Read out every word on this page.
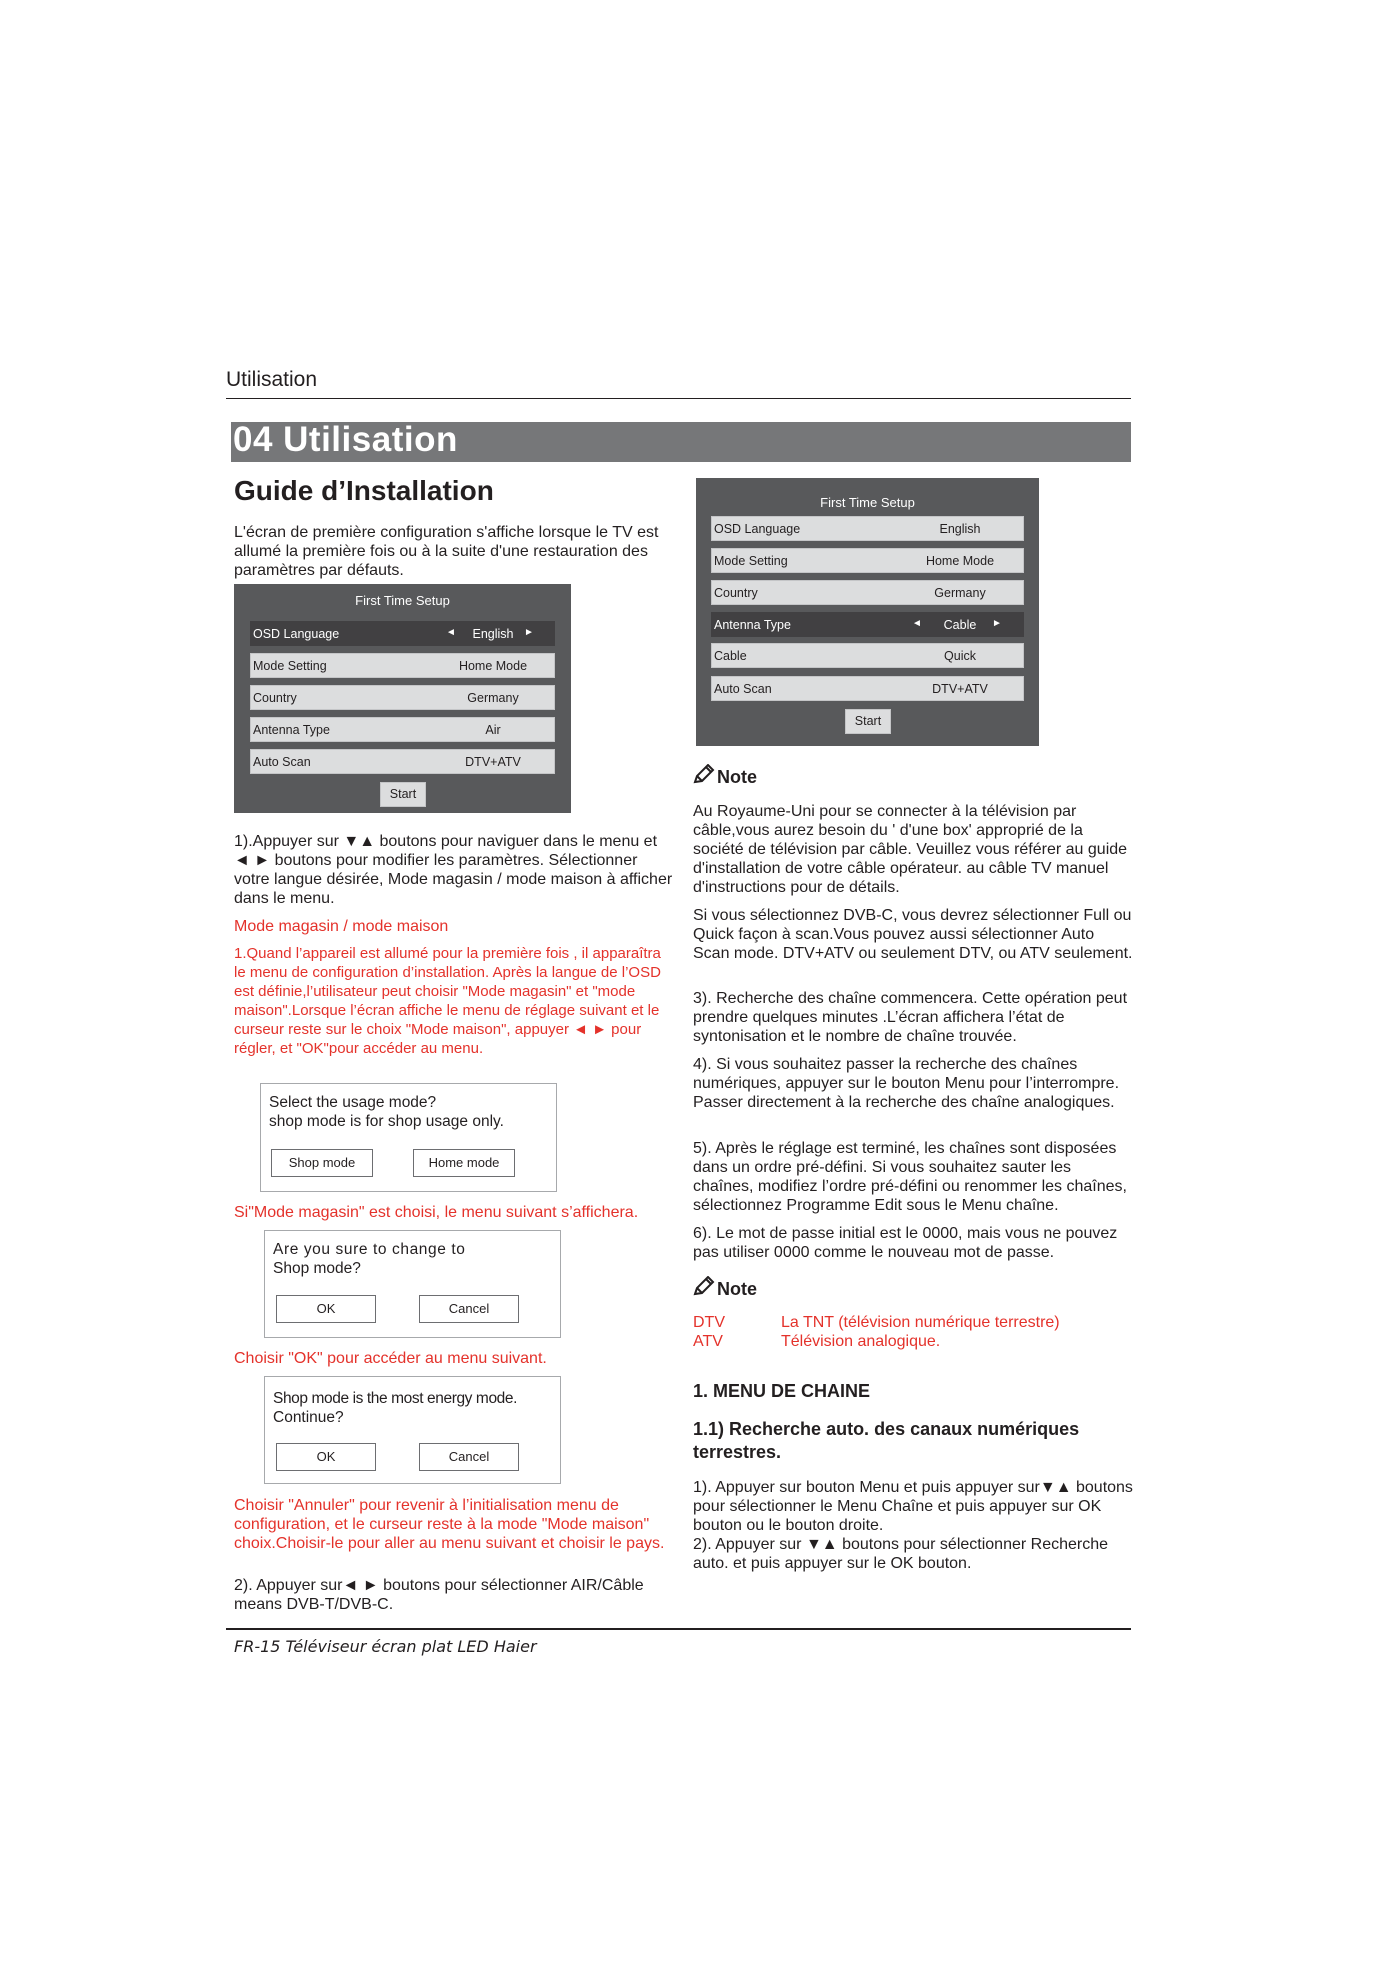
Utilisation
04 Utilisation
Guide d’Installation

L'écran de première configuration s'affiche lorsque le TV est allumé la première fois ou à la suite d'une restauration des paramètres par défauts.

First Time Setup
OSD Language	◄	English	►
Mode Setting	Home Mode
Country	Germany
Antenna Type	Air
Auto Scan	DTV+ATV
Start

1).Appuyer sur ▼▲ boutons pour naviguer dans le menu et ◄ ► boutons pour modifier les paramètres. Sélectionner votre langue désirée, Mode magasin / mode maison à afficher dans le menu.

Mode magasin / mode maison

1.Quand l’appareil est allumé pour la première fois , il apparaîtra le menu de configuration d’installation. Après la langue de l’OSD est définie,l’utilisateur peut choisir "Mode magasin" et "mode maison".Lorsque l’écran affiche le menu de réglage suivant et le curseur reste sur le choix "Mode maison", appuyer ◄ ► pour régler, et "OK"pour accéder au menu.

Select the usage mode?
shop mode is for shop usage only.
Shop mode	Home mode

Si"Mode magasin" est choisi, le menu suivant s’affichera.

Are you sure to change to
Shop mode?
OK	Cancel

Choisir "OK" pour accéder au menu suivant.

Shop mode is the most energy mode.
Continue?
OK	Cancel

Choisir "Annuler" pour revenir à l’initialisation menu de configuration, et le curseur reste à la mode "Mode maison" choix.Choisir-le pour aller au menu suivant et choisir le pays.

2). Appuyer sur◄ ► boutons pour sélectionner AIR/Câble means DVB-T/DVB-C.

First Time Setup
OSD Language	English
Mode Setting	Home Mode
Country	Germany
Antenna Type	◄	Cable	►
Cable	Quick
Auto Scan	DTV+ATV
Start
Note

Au Royaume-Uni pour se connecter à la télévision par câble,vous aurez besoin du ' d'une box' approprié de la société de télévision par câble. Veuillez vous référer au guide d'installation de votre câble opérateur. au câble TV manuel d'instructions pour de détails.

Si vous sélectionnez DVB-C, vous devrez sélectionner Full ou Quick façon à scan.Vous pouvez aussi sélectionner Auto Scan mode. DTV+ATV ou seulement DTV, ou ATV seulement.

3). Recherche des chaîne commencera. Cette opération peut prendre quelques minutes .L’écran affichera l’état de syntonisation et le nombre de chaîne trouvée.

4). Si vous souhaitez passer la recherche des chaînes numériques, appuyer sur le bouton Menu pour l’interrompre. Passer directement à la recherche des chaîne analogiques.

5). Après le réglage est terminé, les chaînes sont disposées dans un ordre pré-défini. Si vous souhaitez sauter les chaînes, modifiez l’ordre pré-défini ou renommer les chaînes, sélectionnez Programme Edit sous le Menu chaîne.

6). Le mot de passe initial est le 0000, mais vous ne pouvez pas utiliser 0000 comme le nouveau mot de passe.

Note
DTV	La TNT (télévision numérique terrestre)
ATV	Télévision analogique.
1. MENU DE CHAINE
1.1) Recherche auto. des canaux numériques terrestres.

1). Appuyer sur bouton Menu et puis appuyer sur▼▲ boutons pour sélectionner le Menu Chaîne et puis appuyer sur OK bouton ou le bouton droite.

2). Appuyer sur ▼▲ boutons pour sélectionner Recherche auto. et puis appuyer sur le OK bouton.

FR-15 Téléviseur écran plat LED Haier
